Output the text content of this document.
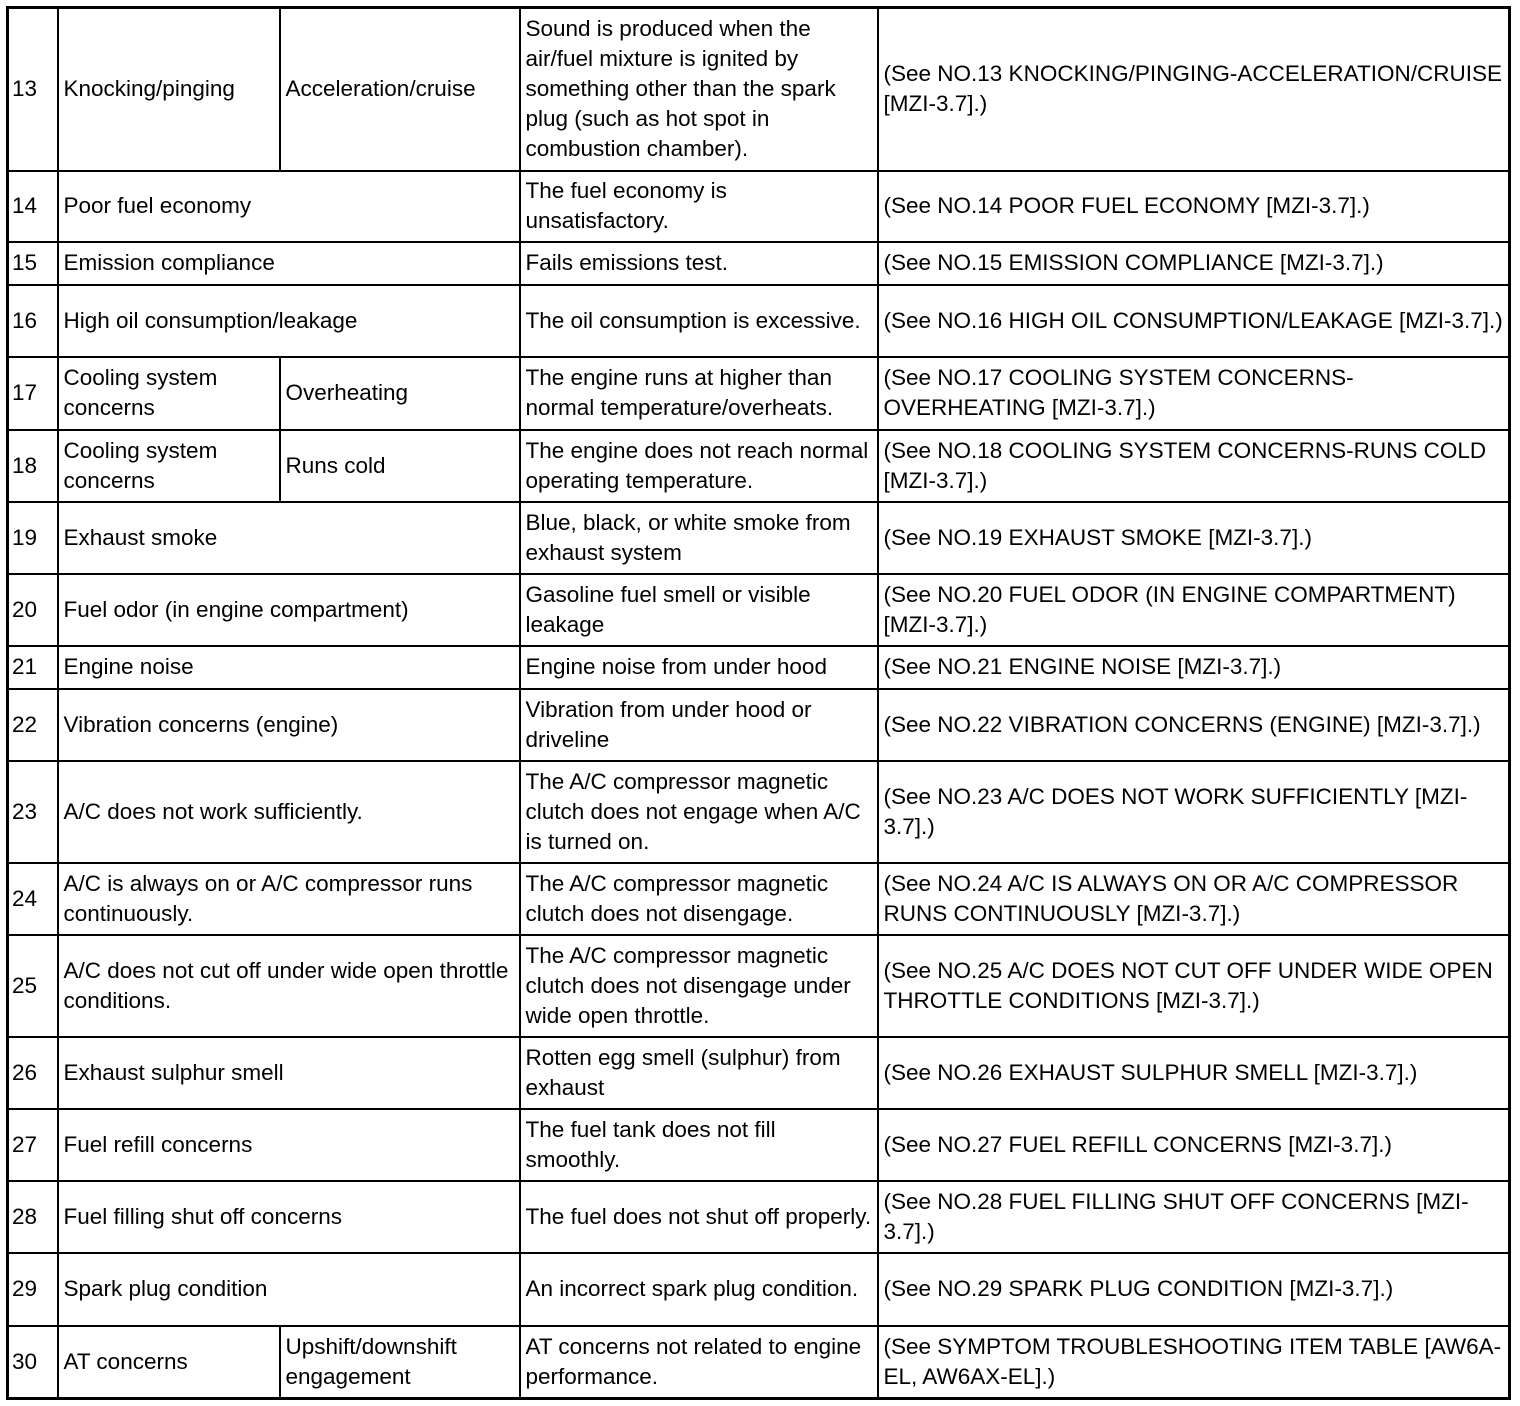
13	Knocking/pinging	Acceleration/cruise	Sound is produced when the air/fuel mixture is ignited by something other than the spark plug (such as hot spot in combustion chamber).	(See NO.13 KNOCKING/PINGING-ACCELERATION/CRUISE [MZI-3.7].)
14	Poor fuel economy		The fuel economy is unsatisfactory.	(See NO.14 POOR FUEL ECONOMY [MZI-3.7].)
15	Emission compliance		Fails emissions test.	(See NO.15 EMISSION COMPLIANCE [MZI-3.7].)
16	High oil consumption/leakage		The oil consumption is excessive.	(See NO.16 HIGH OIL CONSUMPTION/LEAKAGE [MZI-3.7].)
17	Cooling system concerns	Overheating	The engine runs at higher than normal temperature/overheats.	(See NO.17 COOLING SYSTEM CONCERNS-OVERHEATING [MZI-3.7].)
18	Cooling system concerns	Runs cold	The engine does not reach normal operating temperature.	(See NO.18 COOLING SYSTEM CONCERNS-RUNS COLD [MZI-3.7].)
19	Exhaust smoke		Blue, black, or white smoke from exhaust system	(See NO.19 EXHAUST SMOKE [MZI-3.7].)
20	Fuel odor (in engine compartment)		Gasoline fuel smell or visible leakage	(See NO.20 FUEL ODOR (IN ENGINE COMPARTMENT) [MZI-3.7].)
21	Engine noise		Engine noise from under hood	(See NO.21 ENGINE NOISE [MZI-3.7].)
22	Vibration concerns (engine)		Vibration from under hood or driveline	(See NO.22 VIBRATION CONCERNS (ENGINE) [MZI-3.7].)
23	A/C does not work sufficiently.		The A/C compressor magnetic clutch does not engage when A/C is turned on.	(See NO.23 A/C DOES NOT WORK SUFFICIENTLY [MZI-3.7].)
24	A/C is always on or A/C compressor runs continuously.		The A/C compressor magnetic clutch does not disengage.	(See NO.24 A/C IS ALWAYS ON OR A/C COMPRESSOR RUNS CONTINUOUSLY [MZI-3.7].)
25	A/C does not cut off under wide open throttle conditions.		The A/C compressor magnetic clutch does not disengage under wide open throttle.	(See NO.25 A/C DOES NOT CUT OFF UNDER WIDE OPEN THROTTLE CONDITIONS [MZI-3.7].)
26	Exhaust sulphur smell		Rotten egg smell (sulphur) from exhaust	(See NO.26 EXHAUST SULPHUR SMELL [MZI-3.7].)
27	Fuel refill concerns		The fuel tank does not fill smoothly.	(See NO.27 FUEL REFILL CONCERNS [MZI-3.7].)
28	Fuel filling shut off concerns		The fuel does not shut off properly.	(See NO.28 FUEL FILLING SHUT OFF CONCERNS [MZI-3.7].)
29	Spark plug condition		An incorrect spark plug condition.	(See NO.29 SPARK PLUG CONDITION [MZI-3.7].)
30	AT concerns	Upshift/downshift engagement	AT concerns not related to engine performance.	(See SYMPTOM TROUBLESHOOTING ITEM TABLE [AW6A-EL, AW6AX-EL].)
